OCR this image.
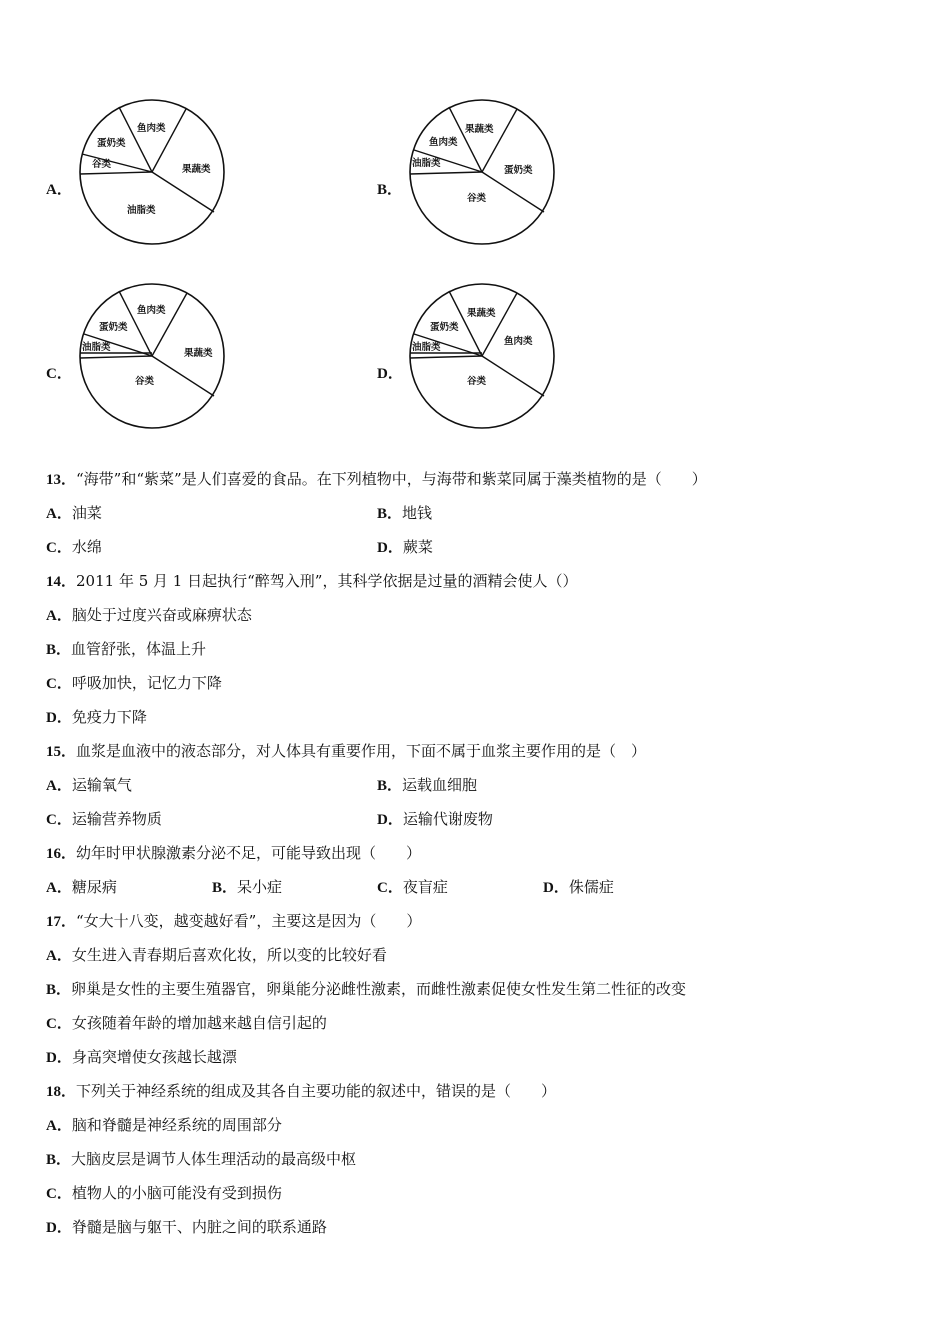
A．
鱼肉类
果蔬类
油脂类
谷类
蛋奶类
B．
果蔬类
蛋奶类
谷类
油脂类
鱼肉类
C．
鱼肉类
果蔬类
谷类
油脂类
蛋奶类
D．
果蔬类
鱼肉类
谷类
油脂类
蛋奶类
13．“海带”和“紫菜”是人们喜爱的食品。在下列植物中，与海带和紫菜同属于藻类植物的是（　　）
A．油菜	B．地钱
C．水绵	D．蕨菜
14．2011 年 5 月 1 日起执行“醉驾入刑”，其科学依据是过量的酒精会使人（）
A．脑处于过度兴奋或麻痹状态
B．血管舒张，体温上升
C．呼吸加快，记忆力下降
D．免疫力下降
15．血浆是血液中的液态部分，对人体具有重要作用，下面不属于血浆主要作用的是（　）
A．运输氧气	B．运载血细胞
C．运输营养物质	D．运输代谢废物
16．幼年时甲状腺激素分泌不足，可能导致出现（　　）
A．糖尿病	B．呆小症	C．夜盲症	D．侏儒症
17．“女大十八变，越变越好看”，主要这是因为（　　）
A．女生进入青春期后喜欢化妆，所以变的比较好看
B．卵巢是女性的主要生殖器官，卵巢能分泌雌性激素，而雌性激素促使女性发生第二性征的改变
C．女孩随着年龄的增加越来越自信引起的
D．身高突增使女孩越长越漂
18．下列关于神经系统的组成及其各自主要功能的叙述中，错误的是（　　）
A．脑和脊髓是神经系统的周围部分
B．大脑皮层是调节人体生理活动的最高级中枢
C．植物人的小脑可能没有受到损伤
D．脊髓是脑与躯干、内脏之间的联系通路
